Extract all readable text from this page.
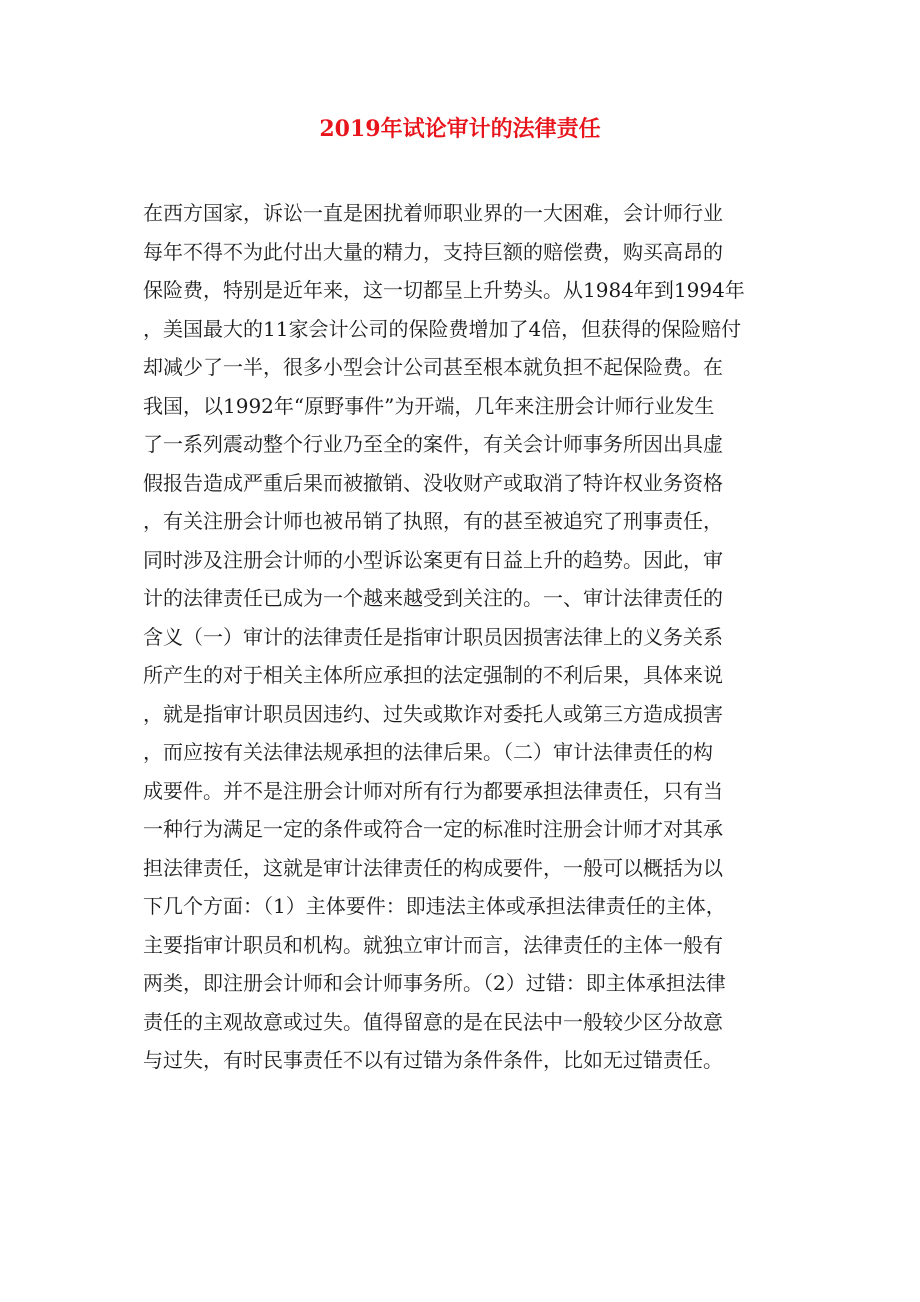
2019年试论审计的法律责任
在西方国家，诉讼一直是困扰着师职业界的一大困难，会计师行业
每年不得不为此付出大量的精力，支持巨额的赔偿费，购买高昂的
保险费，特别是近年来，这一切都呈上升势头。从1984年到1994年
，美国最大的11家会计公司的保险费增加了4倍，但获得的保险赔付
却减少了一半，很多小型会计公司甚至根本就负担不起保险费。在
我国，以1992年“原野事件”为开端，几年来注册会计师行业发生
了一系列震动整个行业乃至全的案件，有关会计师事务所因出具虚
假报告造成严重后果而被撤销、没收财产或取消了特许权业务资格
，有关注册会计师也被吊销了执照，有的甚至被追究了刑事责任，
同时涉及注册会计师的小型诉讼案更有日益上升的趋势。因此，审
计的法律责任已成为一个越来越受到关注的。一、审计法律责任的
含义（一）审计的法律责任是指审计职员因损害法律上的义务关系
所产生的对于相关主体所应承担的法定强制的不利后果，具体来说
，就是指审计职员因违约、过失或欺诈对委托人或第三方造成损害
，而应按有关法律法规承担的法律后果。（二）审计法律责任的构
成要件。并不是注册会计师对所有行为都要承担法律责任，只有当
一种行为满足一定的条件或符合一定的标准时注册会计师才对其承
担法律责任，这就是审计法律责任的构成要件，一般可以概括为以
下几个方面：（1）主体要件：即违法主体或承担法律责任的主体，
主要指审计职员和机构。就独立审计而言，法律责任的主体一般有
两类，即注册会计师和会计师事务所。（2）过错：即主体承担法律
责任的主观故意或过失。值得留意的是在民法中一般较少区分故意
与过失，有时民事责任不以有过错为条件条件，比如无过错责任。
